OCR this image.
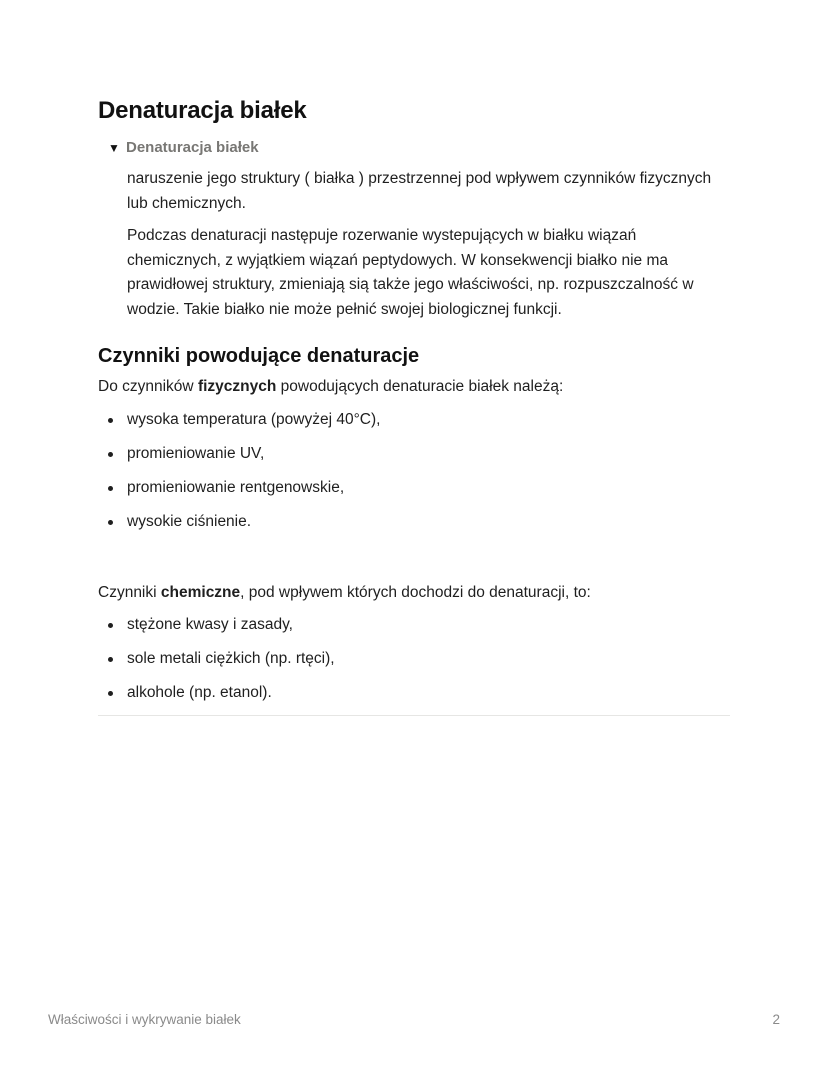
Denaturacja białek
▼ Denaturacja białek

naruszenie jego struktury ( białka ) przestrzennej pod wpływem czynników fizycznych lub chemicznych.

Podczas denaturacji następuje rozerwanie wystepujących w białku wiązań chemicznych, z wyjątkiem wiązań peptydowych. W konsekwencji białko nie ma prawidłowej struktury, zmieniają sią także jego właściwości, np. rozpuszczalność w wodzie. Takie białko nie może pełnić swojej biologicznej funkcji.

Czynniki powodujące denaturacje

Do czynników fizycznych powodujących denaturacie białek należą:

wysoka temperatura (powyżej 40°C),
promieniowanie UV,
promieniowanie rentgenowskie,
wysokie ciśnienie.

Czynniki chemiczne, pod wpływem których dochodzi do denaturacji, to:

stężone kwasy i zasady,
sole metali ciężkich (np. rtęci),
alkohole (np. etanol).
Właściwości i wykrywanie białek	2
